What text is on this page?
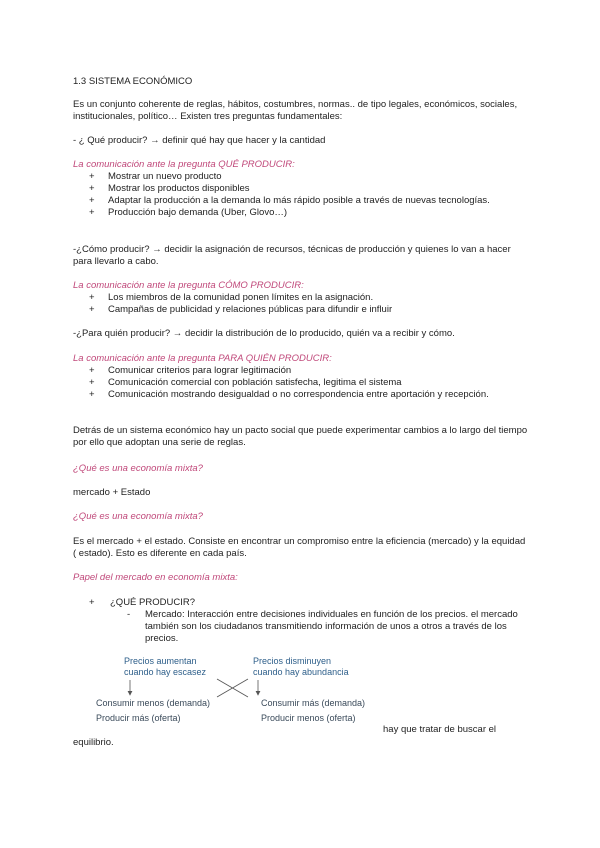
1.3 SISTEMA ECONÓMICO
Es un conjunto coherente de reglas, hábitos, costumbres, normas.. de tipo legales, económicos, sociales, institucionales, político… Existen tres preguntas fundamentales:
- ¿ Qué producir? → definir qué hay que hacer y la cantidad
La comunicación ante la pregunta QUÉ PRODUCIR:
+ Mostrar un nuevo producto
+ Mostrar los productos disponibles
+ Adaptar la producción a la demanda lo más rápido posible a través de nuevas tecnologías.
+ Producción bajo demanda (Uber, Glovo…)
-¿Cómo producir? → decidir la asignación de recursos, técnicas de producción y quienes lo van a hacer para llevarlo a cabo.
La comunicación ante la pregunta CÓMO PRODUCIR:
+ Los miembros de la comunidad ponen límites en la asignación.
+ Campañas de publicidad y relaciones públicas para difundir e influir
-¿Para quién producir? → decidir la distribución de lo producido, quién va a recibir y cómo.
La comunicación ante la pregunta PARA QUIÉN PRODUCIR:
+ Comunicar criterios para lograr legitimación
+ Comunicación comercial con población satisfecha, legitima el sistema
+ Comunicación mostrando desigualdad o no correspondencia entre aportación y recepción.
Detrás de un sistema económico hay un pacto social que puede experimentar cambios a lo largo del tiempo por ello que adoptan una serie de reglas.
¿Qué es una economía mixta?
mercado + Estado
¿Qué es una economía mixta?
Es el mercado + el estado. Consiste en encontrar un compromiso entre la eficiencia (mercado) y la equidad ( estado). Esto es diferente en cada país.
Papel del mercado en economía mixta:
+ ¿QUÉ PRODUCIR?
- Mercado: Interacción entre decisiones individuales en función de los precios. el mercado también son los ciudadanos transmitiendo información de unos a otros a través de los precios.
Precios aumentan
cuando hay escasez
Precios disminuyen
cuando hay abundancia
Consumir menos (demanda)
Producir más (oferta)
Consumir más (demanda)
Producir menos (oferta)
hay que tratar de buscar el
equilibrio.
